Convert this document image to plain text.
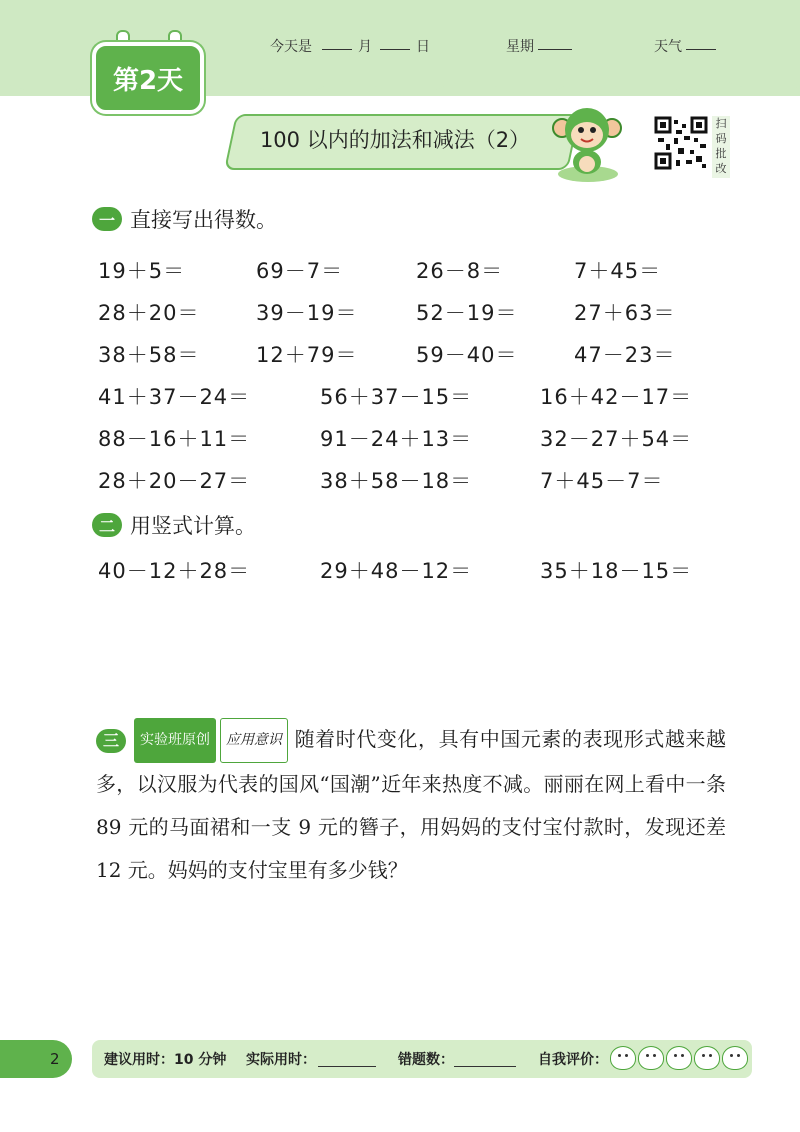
第2天
今天是	月	日	星期	天气
100 以内的加法和减法（2）
扫
码
批
改
一 直接写出得数。
19＋5＝	69－7＝	26－8＝	7＋45＝
28＋20＝	39－19＝	52－19＝	27＋63＝
38＋58＝	12＋79＝	59－40＝	47－23＝
41＋37－24＝	56＋37－15＝	16＋42－17＝
88－16＋11＝	91－24＋13＝	32－27＋54＝
28＋20－27＝	38＋58－18＝	7＋45－7＝
二 用竖式计算。
40－12＋28＝	29＋48－12＝	35＋18－15＝
三	实验班原创	应用意识 随着时代变化，具有中国元素的表现形式越来越多，以汉服为代表的国风“国潮”近年来热度不减。丽丽在网上看中一条 89 元的马面裙和一支 9 元的簪子，用妈妈的支付宝付款时，发现还差 12 元。妈妈的支付宝里有多少钱？
2	建议用时：10 分钟 实际用时：	错题数：	自我评价：
